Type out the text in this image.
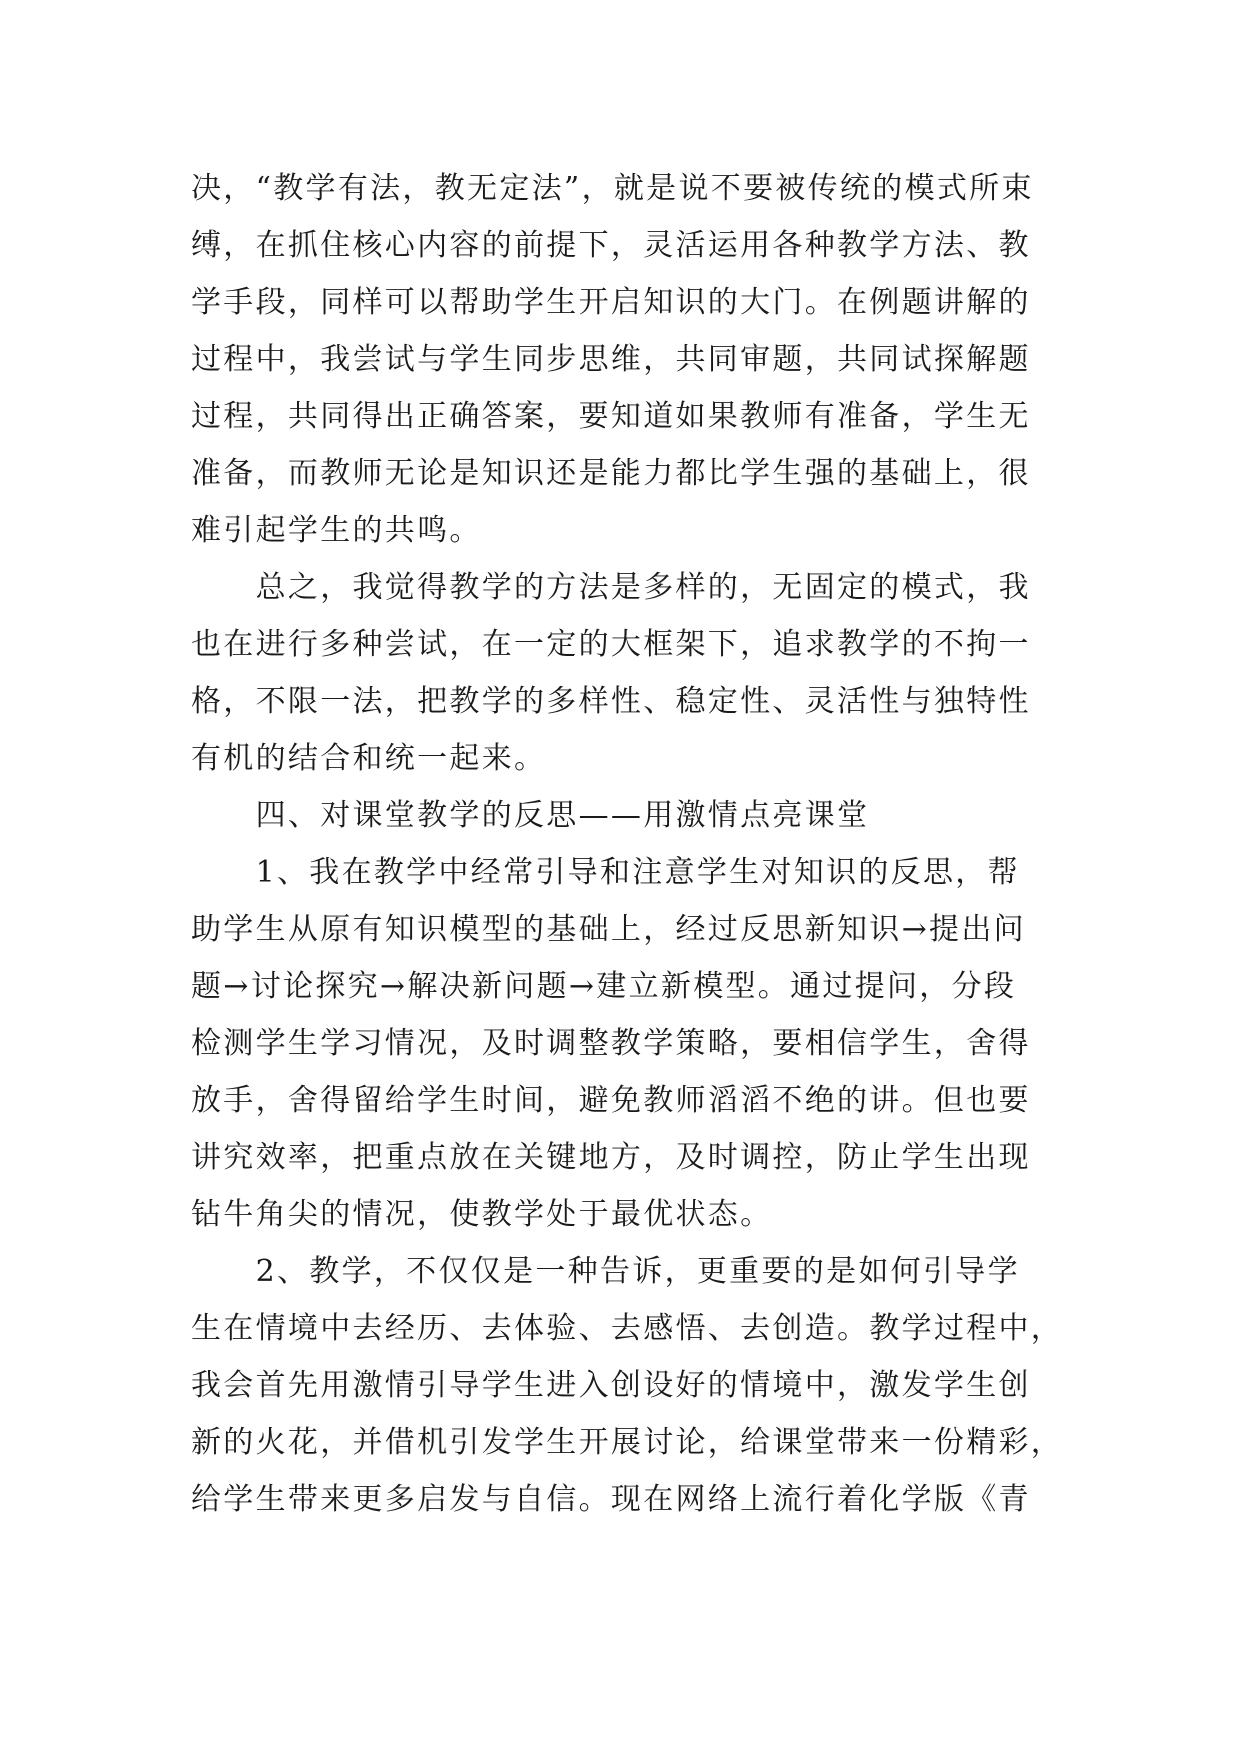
决，“教学有法，教无定法”，就是说不要被传统的模式所束
缚，在抓住核心内容的前提下，灵活运用各种教学方法、教
学手段，同样可以帮助学生开启知识的大门。在例题讲解的
过程中，我尝试与学生同步思维，共同审题，共同试探解题
过程，共同得出正确答案，要知道如果教师有准备，学生无
准备，而教师无论是知识还是能力都比学生强的基础上，很
难引起学生的共鸣。
　　总之，我觉得教学的方法是多样的，无固定的模式，我
也在进行多种尝试，在一定的大框架下，追求教学的不拘一
格，不限一法，把教学的多样性、稳定性、灵活性与独特性
有机的结合和统一起来。
　　四、对课堂教学的反思——用激情点亮课堂
　　1、我在教学中经常引导和注意学生对知识的反思，帮
助学生从原有知识模型的基础上，经过反思新知识→提出问
题→讨论探究→解决新问题→建立新模型。通过提问，分段
检测学生学习情况，及时调整教学策略，要相信学生，舍得
放手，舍得留给学生时间，避免教师滔滔不绝的讲。但也要
讲究效率，把重点放在关键地方，及时调控，防止学生出现
钻牛角尖的情况，使教学处于最优状态。
　　2、教学，不仅仅是一种告诉，更重要的是如何引导学
生在情境中去经历、去体验、去感悟、去创造。教学过程中，
我会首先用激情引导学生进入创设好的情境中，激发学生创
新的火花，并借机引发学生开展讨论，给课堂带来一份精彩，
给学生带来更多启发与自信。现在网络上流行着化学版《青
